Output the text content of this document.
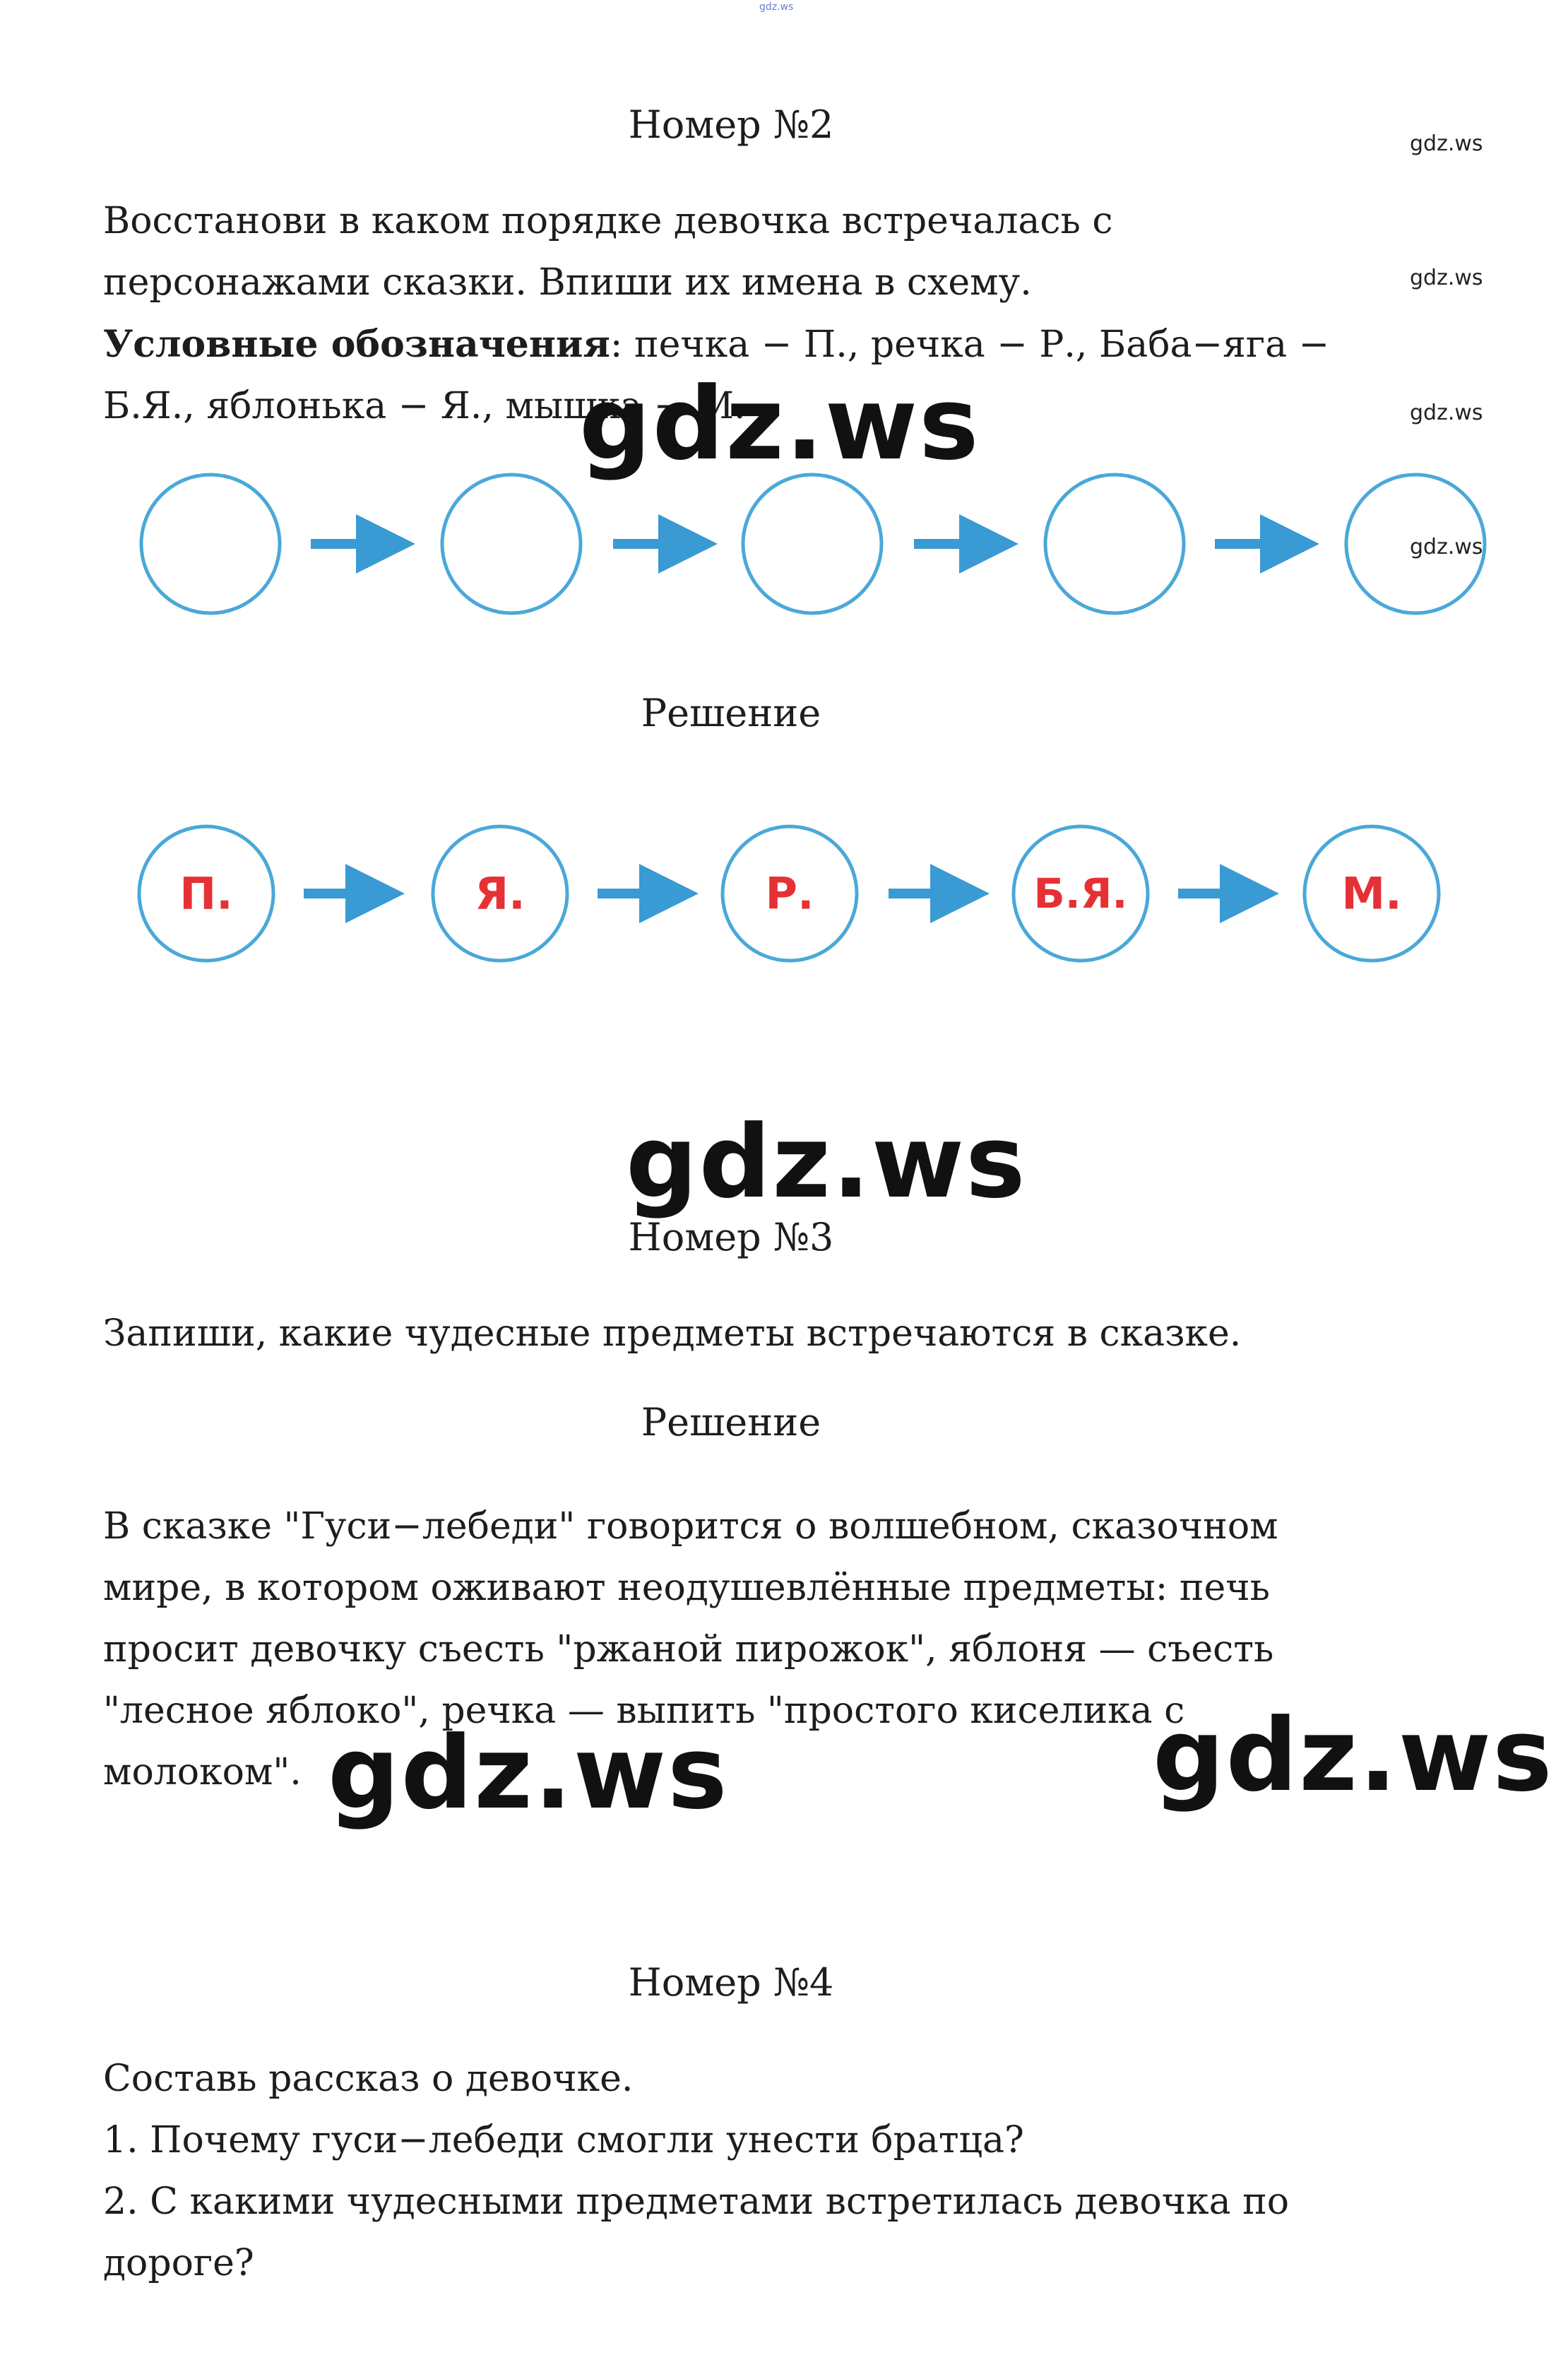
gdz.ws
Номер №2	gdz.ws
gdz.ws
gdz.ws
Восстанови в каком порядке девочка встречалась с персонажами сказки. Впиши их имена в схему.
Условные обозначения: печка − П., речка − Р., Баба−яга − Б.Я., яблонька − Я., мышка − М.
gdz.ws
gdz.ws
Решение
П.	Я.	Р.	Б.Я.	М.
gdz.ws
Номер №3
Запиши, какие чудесные предметы встречаются в сказке.
Решение
В сказке "Гуси−лебеди" говорится о волшебном, сказочном мире, в котором оживают неодушевлённые предметы: печь просит девочку съесть "ржаной пирожок", яблоня — съесть "лесное яблоко", речка — выпить "простого киселика с молоком". gdz.ws	gdz.ws
Номер №4
Составь рассказ о девочке.
1. Почему гуси−лебеди смогли унести братца?
2. С какими чудесными предметами встретилась девочка по дороге?
